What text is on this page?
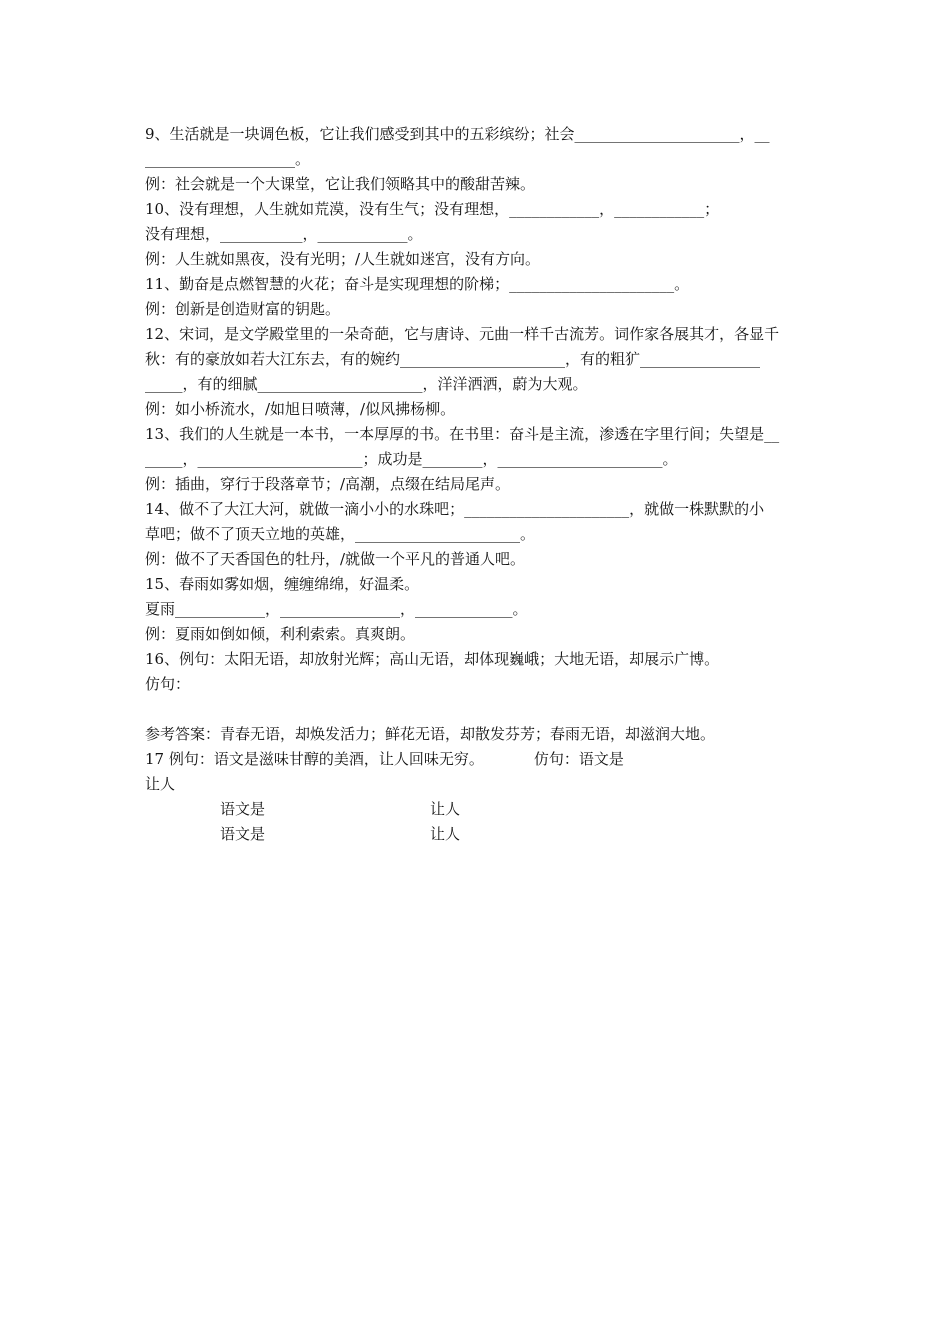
9、生活就是一块调色板，它让我们感受到其中的五彩缤纷；社会______________________，__
____________________。
例：社会就是一个大课堂，它让我们领略其中的酸甜苦辣。
10、没有理想，人生就如荒漠，没有生气；没有理想，____________，____________；
没有理想，___________，____________。
例：人生就如黑夜，没有光明；/人生就如迷宫，没有方向。
11、勤奋是点燃智慧的火花；奋斗是实现理想的阶梯；______________________。
例：创新是创造财富的钥匙。
12、宋词，是文学殿堂里的一朵奇葩，它与唐诗、元曲一样千古流芳。词作家各展其才，各显千
秋：有的豪放如若大江东去，有的婉约______________________，有的粗犷________________
_____，有的细腻______________________，洋洋洒洒，蔚为大观。
例：如小桥流水，/如旭日喷薄，/似风拂杨柳。
13、我们的人生就是一本书，一本厚厚的书。在书里：奋斗是主流，渗透在字里行间；失望是__
_____，______________________；成功是________，______________________。
例：插曲，穿行于段落章节；/高潮，点缀在结局尾声。
14、做不了大江大河，就做一滴小小的水珠吧；______________________，就做一株默默的小
草吧；做不了顶天立地的英雄，______________________。
例：做不了天香国色的牡丹，/就做一个平凡的普通人吧。
15、春雨如雾如烟，缠缠绵绵，好温柔。
夏雨____________，________________，_____________。
例：夏雨如倒如倾，利利索索。真爽朗。
16、例句：太阳无语，却放射光辉；高山无语，却体现巍峨；大地无语，却展示广博。
仿句：
参考答案：青春无语，却焕发活力；鲜花无语，却散发芬芳；春雨无语，却滋润大地。
17 例句：语文是滋味甘醇的美酒，让人回味无穷。	仿句：语文是
让人
语文是	让人
语文是	让人
